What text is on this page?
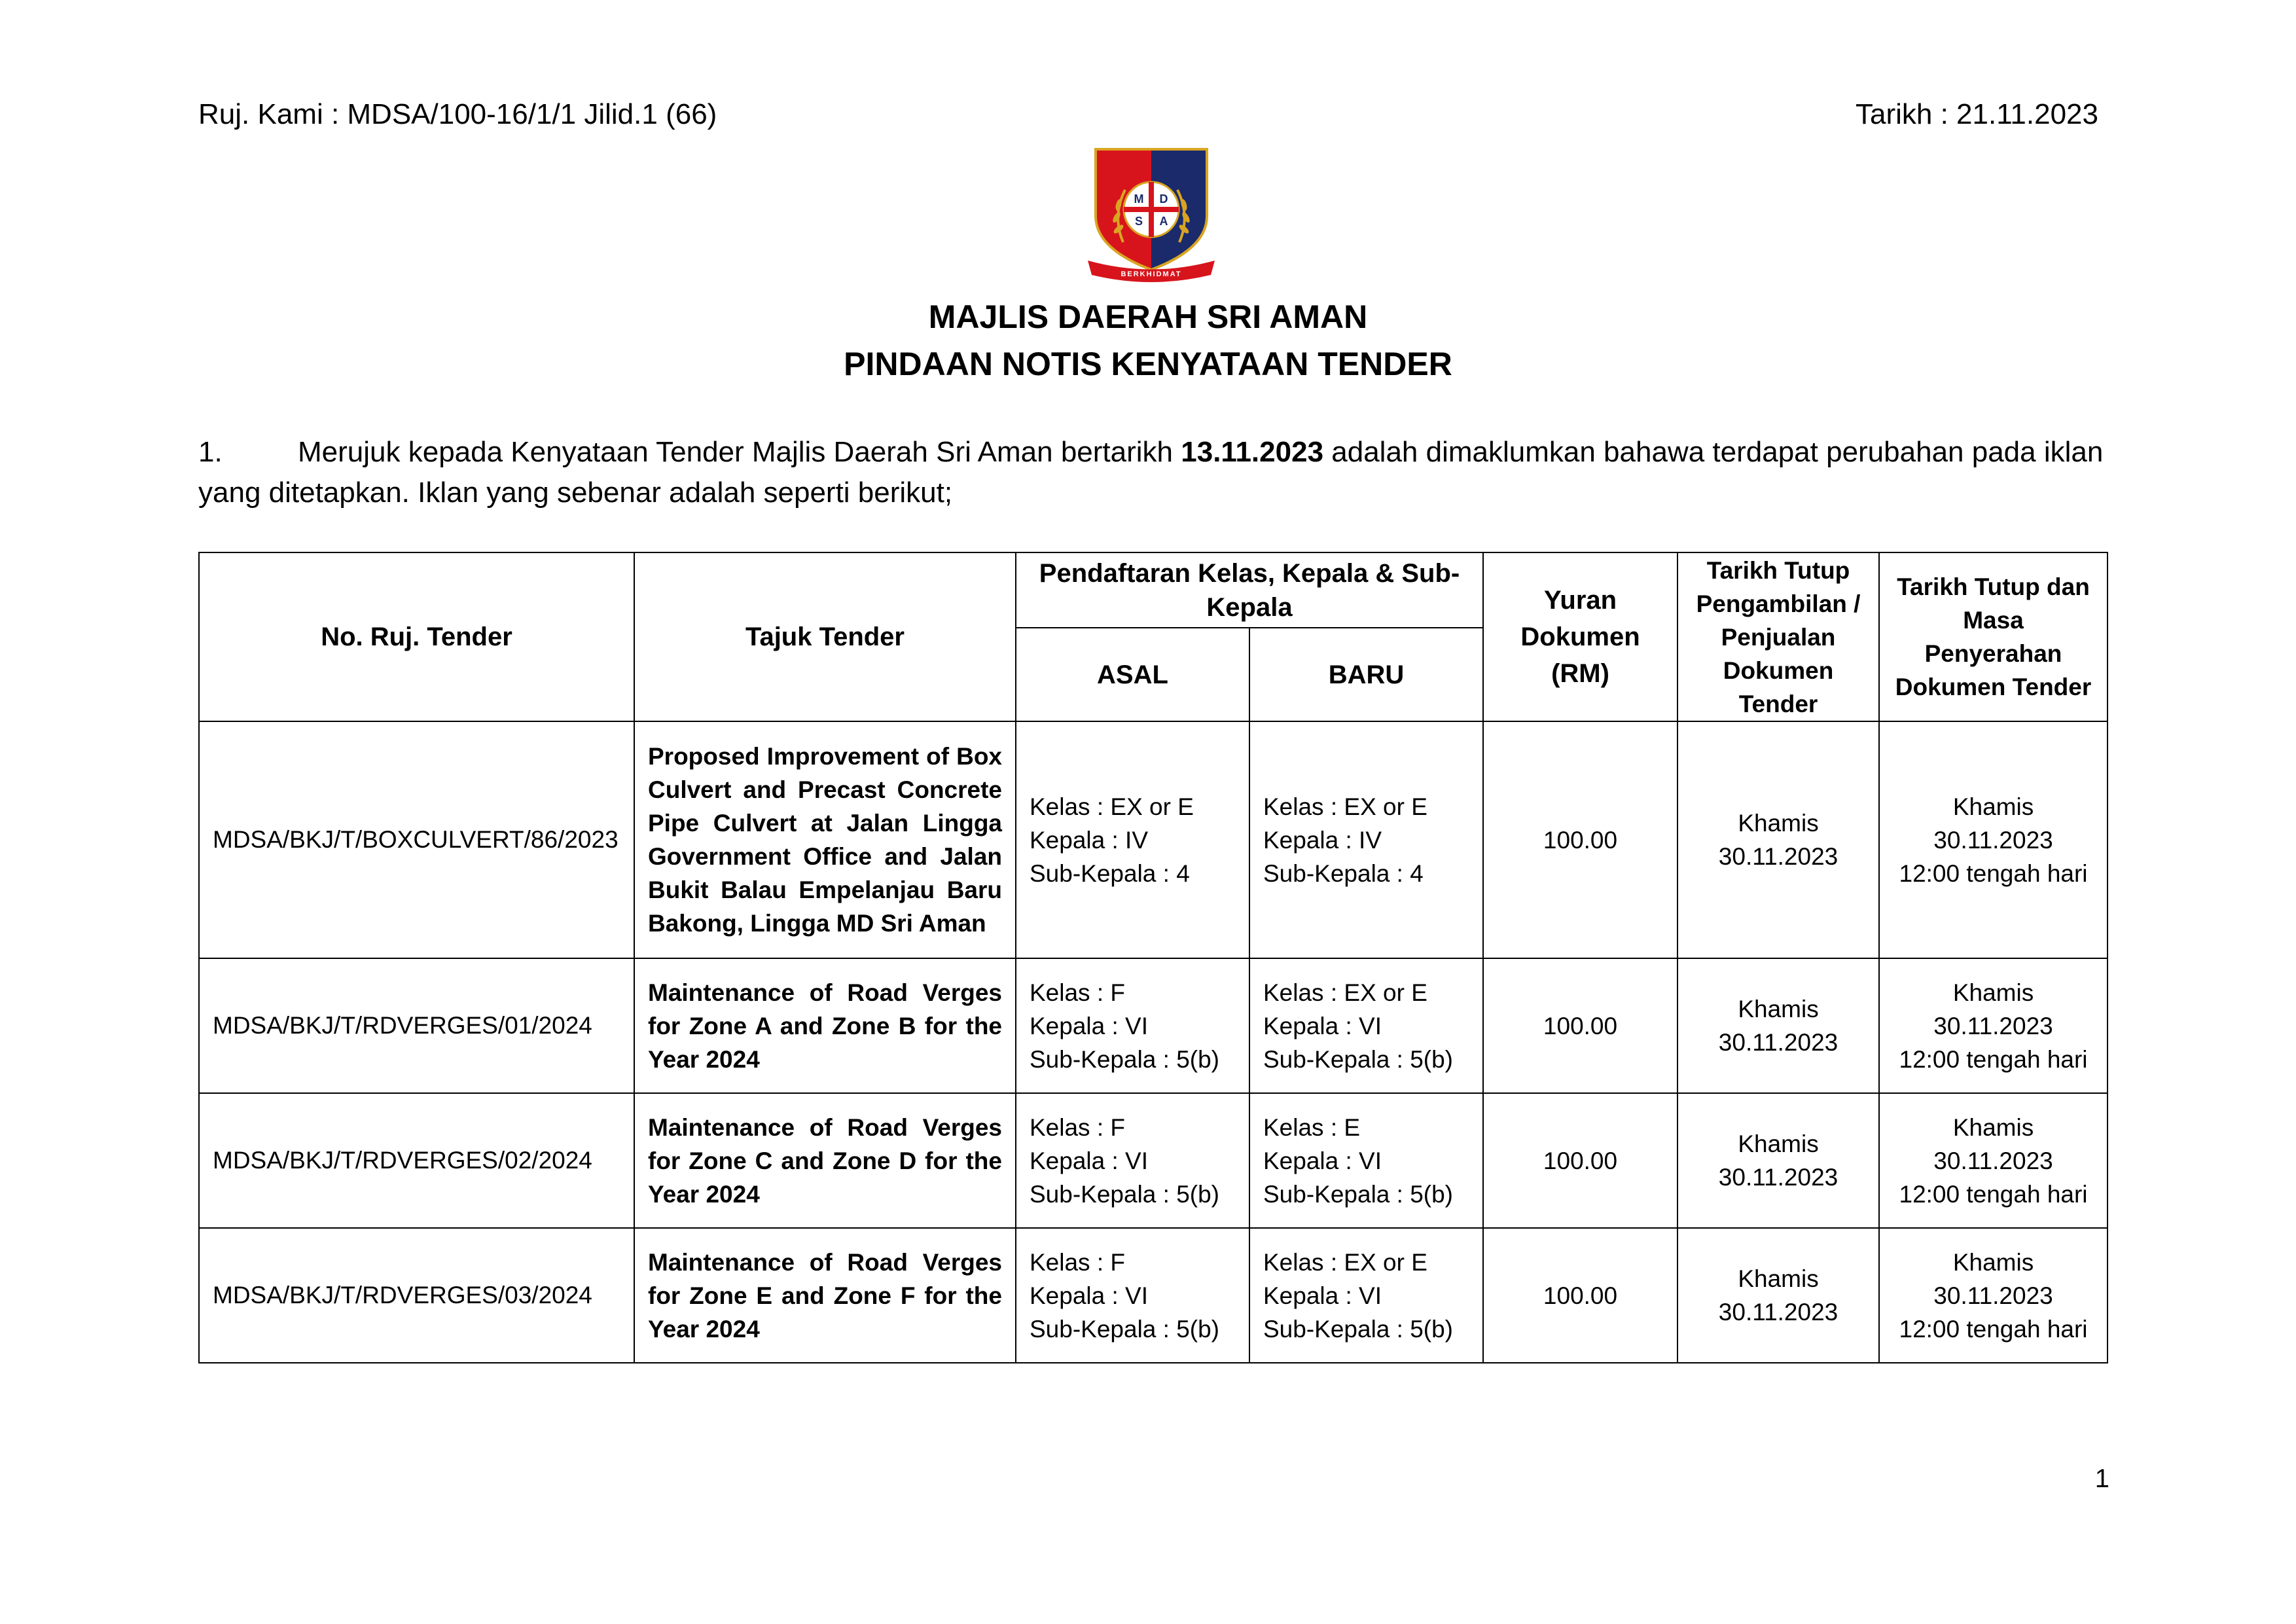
Ruj. Kami : MDSA/100-16/1/1 Jilid.1 (66)	Tarikh : 21.11.2023
M D
S A
BERKHIDMAT
MAJLIS DAERAH SRI AMAN
PINDAAN NOTIS KENYATAAN TENDER
1.	Merujuk kepada Kenyataan Tender Majlis Daerah Sri Aman bertarikh 13.11.2023 adalah dimaklumkan bahawa terdapat perubahan pada iklan yang ditetapkan. Iklan yang sebenar adalah seperti berikut;
No. Ruj. Tender	Tajuk Tender	Pendaftaran Kelas, Kepala & Sub-Kepala		Yuran
Dokumen
(RM)	Tarikh Tutup
Pengambilan /
Penjualan
Dokumen
Tender	Tarikh Tutup dan
Masa Penyerahan
Dokumen Tender

		ASAL	BARU			
MDSA/BKJ/T/BOXCULVERT/86/2023	Proposed Improvement of Box Culvert and Precast Concrete Pipe Culvert at Jalan Lingga Government Office and Jalan Bukit Balau Empelanjau Baru Bakong, Lingga MD Sri Aman	Kelas : EX or E
Kepala : IV
Sub-Kepala : 4	Kelas : EX or E
Kepala : IV
Sub-Kepala : 4	100.00	Khamis
30.11.2023	Khamis
30.11.2023
12:00 tengah hari

MDSA/BKJ/T/RDVERGES/01/2024	Maintenance of Road Verges for Zone A and Zone B for the Year 2024	Kelas : F
Kepala : VI
Sub-Kepala : 5(b)	Kelas : EX or E
Kepala : VI
Sub-Kepala : 5(b)	100.00	Khamis
30.11.2023	Khamis
30.11.2023
12:00 tengah hari

MDSA/BKJ/T/RDVERGES/02/2024	Maintenance of Road Verges for Zone C and Zone D for the Year 2024	Kelas : F
Kepala : VI
Sub-Kepala : 5(b)	Kelas : E
Kepala : VI
Sub-Kepala : 5(b)	100.00	Khamis
30.11.2023	Khamis
30.11.2023
12:00 tengah hari

MDSA/BKJ/T/RDVERGES/03/2024	Maintenance of Road Verges for Zone E and Zone F for the Year 2024	Kelas : F
Kepala : VI
Sub-Kepala : 5(b)	Kelas : EX or E
Kepala : VI
Sub-Kepala : 5(b)	100.00	Khamis
30.11.2023	Khamis
30.11.2023
12:00 tengah hari
1
